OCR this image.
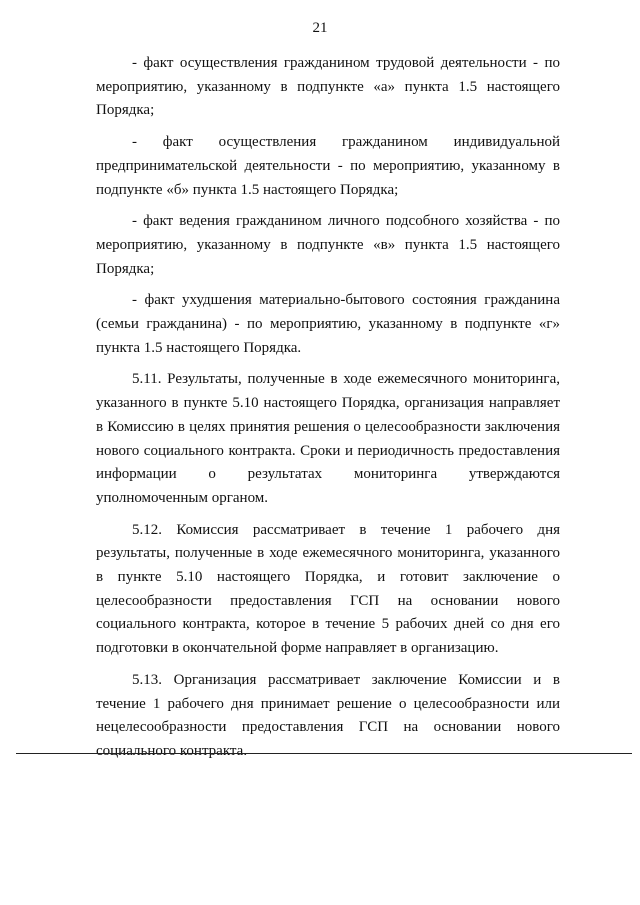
21

- факт осуществления гражданином трудовой деятельности - по мероприятию, указанному в подпункте «а» пункта 1.5 настоящего Порядка;

- факт осуществления гражданином индивидуальной предпринимательской деятельности - по мероприятию, указанному в подпункте «б» пункта 1.5 настоящего Порядка;

- факт ведения гражданином личного подсобного хозяйства - по мероприятию, указанному в подпункте «в» пункта 1.5 настоящего Порядка;

- факт ухудшения материально-бытового состояния гражданина (семьи гражданина) - по мероприятию, указанному в подпункте «г» пункта 1.5 настоящего Порядка.

5.11. Результаты, полученные в ходе ежемесячного мониторинга, указанного в пункте 5.10 настоящего Порядка, организация направляет в Комиссию в целях принятия решения о целесообразности заключения нового социального контракта. Сроки и периодичность предоставления информации о результатах мониторинга утверждаются уполномоченным органом.

5.12. Комиссия рассматривает в течение 1 рабочего дня результаты, полученные в ходе ежемесячного мониторинга, указанного в пункте 5.10 настоящего Порядка, и готовит заключение о целесообразности предоставления ГСП на основании нового социального контракта, которое в течение 5 рабочих дней со дня его подготовки в окончательной форме направляет в организацию.

5.13. Организация рассматривает заключение Комиссии и в течение 1 рабочего дня принимает решение о целесообразности или нецелесообразности предоставления ГСП на основании нового социального контракта.
